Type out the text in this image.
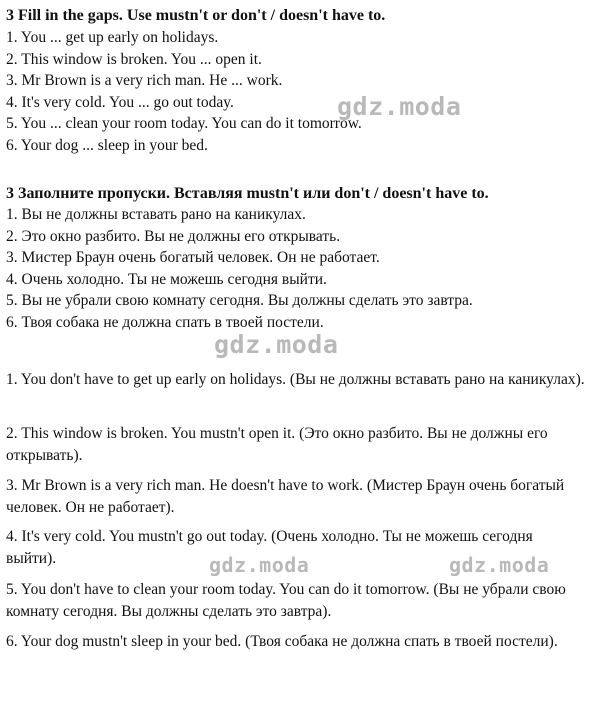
3 Fill in the gaps. Use mustn't or don't / doesn't have to.
1. You ... get up early on holidays.
2. This window is broken. You ... open it.
3. Mr Brown is a very rich man. He ... work.
4. It's very cold. You ... go out today.
5. You ... clean your room today. You can do it tomorrow.
6. Your dog ... sleep in your bed.
3 Заполните пропуски. Вставляя mustn't или don't / doesn't have to.
1. Вы не должны вставать рано на каникулах.
2. Это окно разбито. Вы не должны его открывать.
3. Мистер Браун очень богатый человек. Он не работает.
4. Очень холодно. Ты не можешь сегодня выйти.
5. Вы не убрали свою комнату сегодня. Вы должны сделать это завтра.
6. Твоя собака не должна спать в твоей постели.

1. You don't have to get up early on holidays. (Вы не должны вставать рано на каникулах).

2. This window is broken. You mustn't open it. (Это окно разбито. Вы не должны его открывать).

3. Mr Brown is a very rich man. He doesn't have to work. (Мистер Браун очень богатый человек. Он не работает).

4. It's very cold. You mustn't go out today. (Очень холодно. Ты не можешь сегодня выйти).

5. You don't have to clean your room today. You can do it tomorrow. (Вы не убрали свою комнату сегодня. Вы должны сделать это завтра).

6. Your dog mustn't sleep in your bed. (Твоя собака не должна спать в твоей постели).

gdz.moda
gdz.moda
gdz.moda	gdz.moda
